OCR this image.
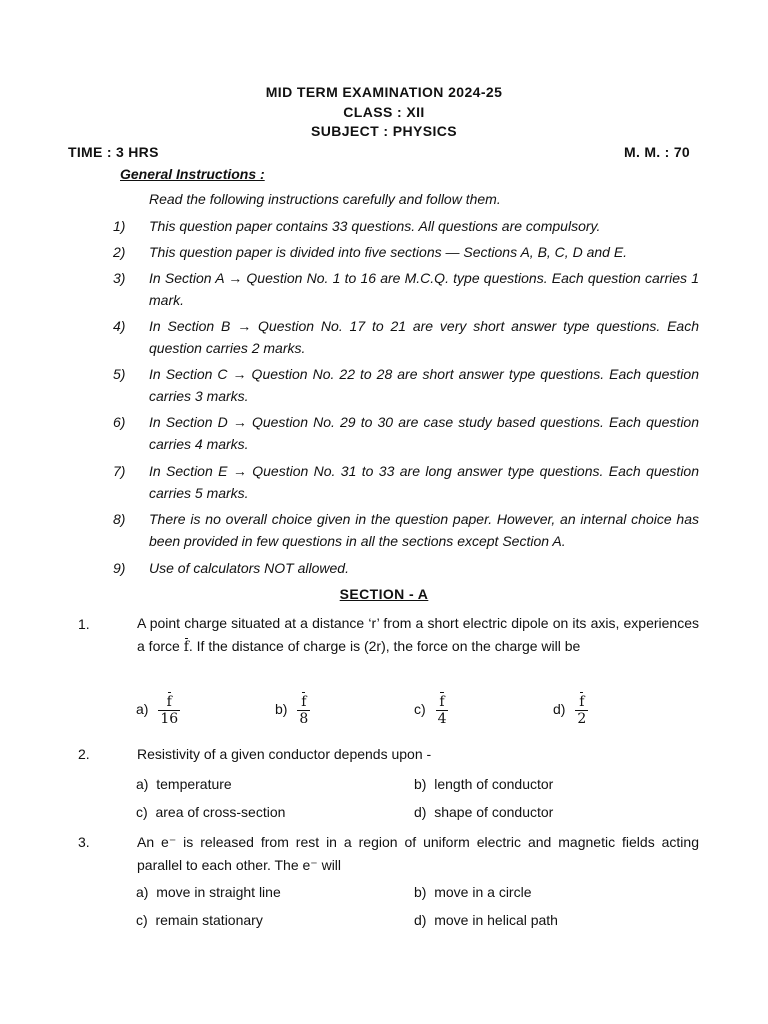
MID TERM EXAMINATION 2024-25
CLASS : XII
SUBJECT : PHYSICS
TIME : 3 HRS	M. M. : 70
General Instructions :
Read the following instructions carefully and follow them.
1) This question paper contains 33 questions. All questions are compulsory.
2) This question paper is divided into five sections — Sections A, B, C, D and E.
3) In Section A → Question No. 1 to 16 are M.C.Q. type questions. Each question carries 1 mark.
4) In Section B → Question No. 17 to 21 are very short answer type questions. Each question carries 2 marks.
5) In Section C → Question No. 22 to 28 are short answer type questions. Each question carries 3 marks.
6) In Section D → Question No. 29 to 30 are case study based questions. Each question carries 4 marks.
7) In Section E → Question No. 31 to 33 are long answer type questions. Each question carries 5 marks.
8) There is no overall choice given in the question paper. However, an internal choice has been provided in few questions in all the sections except Section A.
9) Use of calculators NOT allowed.
SECTION - A
1.	A point charge situated at a distance ‘r’ from a short electric dipole on its axis, experiences a force f. If the distance of charge is (2r), the force on the charge will be
$a) \frac{f}{16}$	$b) \frac{f}{8}$	$c) \frac{f}{4}$	$d) \frac{f}{2}$
2.	Resistivity of a given conductor depends upon -
a) temperature	b) length of conductor
c) area of cross-section	d) shape of conductor
3.	An e⁻ is released from rest in a region of uniform electric and magnetic fields acting parallel to each other. The e⁻ will
a) move in straight line	b) move in a circle
c) remain stationary	d) move in helical path
